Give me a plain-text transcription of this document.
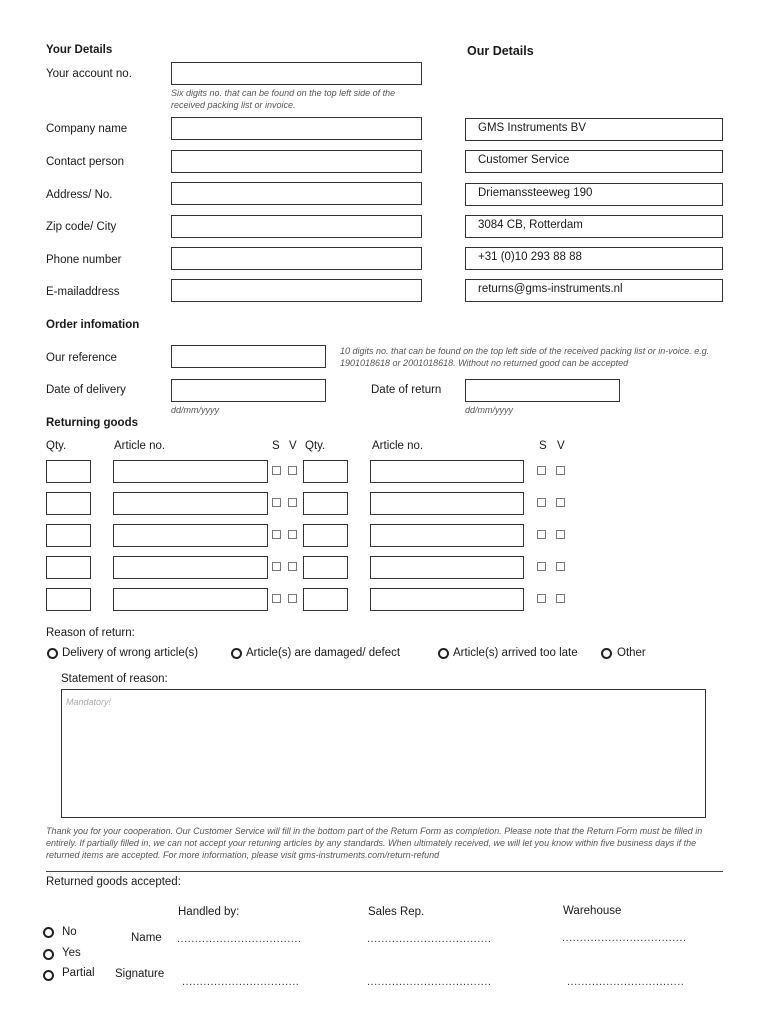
Your Details	Our Details
Your account no.
Six digits no. that can be found on the top left side of the received packing list or invoice.
Company name	GMS Instruments BV
Contact person	Customer Service
Address/ No.	Driemanssteeweg 190
Zip code/ City	3084 CB, Rotterdam
Phone number	+31 (0)10 293 88 88
E-mailaddress	returns@gms-instruments.nl
Order infomation
Our reference
10 digits no. that can be found on the top left side of the received packing list or in-voice. e.g. 1901018618 or 2001018618. Without no returned good can be accepted
Date of delivery
dd/mm/yyyy
Date of return
dd/mm/yyyy
Returning goods
Qty.	Article no.	S V Qty.	Article no.	S V
Reason of return:
Delivery of wrong article(s)	Article(s) are damaged/ defect	Article(s) arrived too late	Other
Statement of reason:
Mandatory!
Thank you for your cooperation. Our Customer Service will fill in the bottom part of the Return Form as completion. Please note that the Return Form must be filled in entirely. If partially filled in, we can not accept your retuning articles by any standards. When ultimately received, we will let you know within five business days if the returned items are accepted. For more information, please visit gms-instruments.com/return-refund
Returned goods accepted:
Handled by:	Sales Rep.	Warehouse
No
Yes
Partial
Name
Signature
...................................	...................................	...................................
.................................	...................................	.................................
